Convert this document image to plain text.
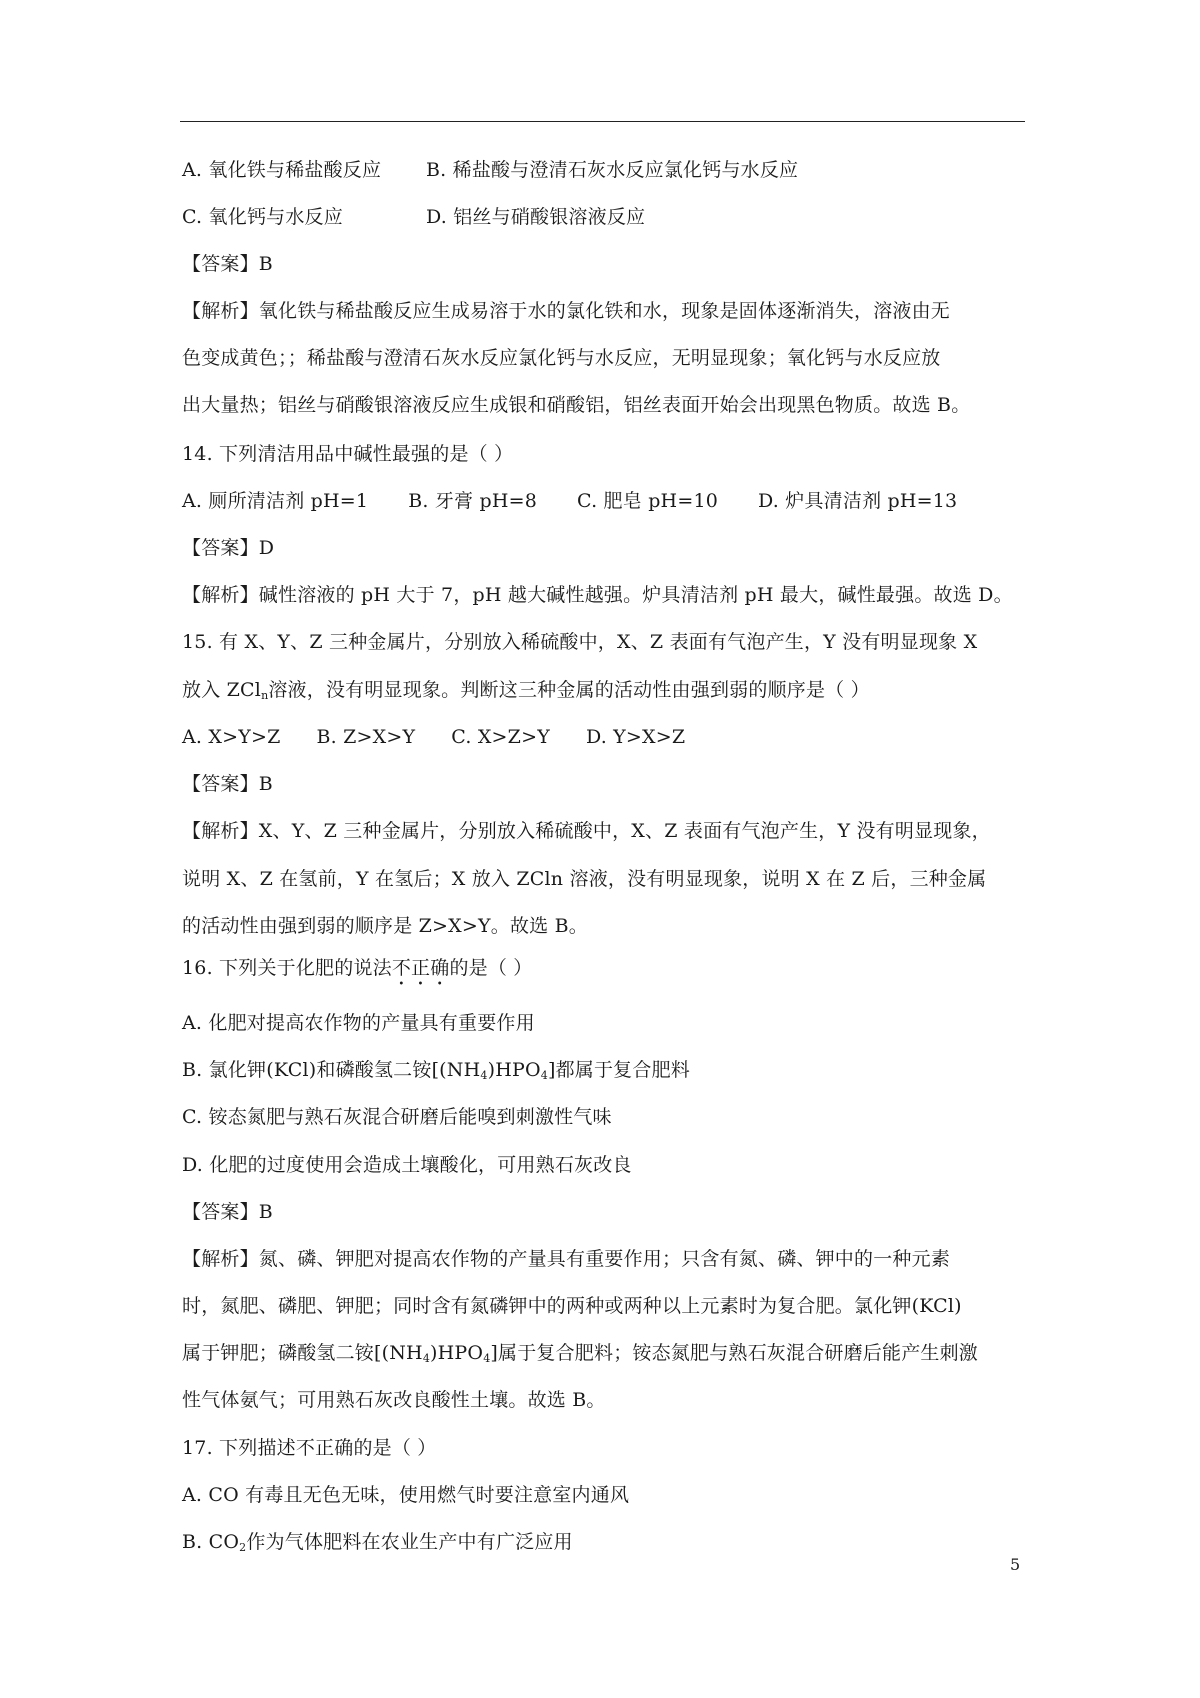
A. 氧化铁与稀盐酸反应 B. 稀盐酸与澄清石灰水反应氯化钙与水反应
C. 氧化钙与水反应	D. 铝丝与硝酸银溶液反应
【答案】B
【解析】氧化铁与稀盐酸反应生成易溶于水的氯化铁和水，现象是固体逐渐消失，溶液由无
色变成黄色；；稀盐酸与澄清石灰水反应氯化钙与水反应，无明显现象；氧化钙与水反应放
出大量热；铝丝与硝酸银溶液反应生成银和硝酸铝，铝丝表面开始会出现黑色物质。故选 B。
14. 下列清洁用品中碱性最强的是（ ）
A. 厕所清洁剂 pH=1 B. 牙膏 pH=8 C. 肥皂 pH=10 D. 炉具清洁剂 pH=13
【答案】D
【解析】碱性溶液的 pH 大于 7，pH 越大碱性越强。炉具清洁剂 pH 最大，碱性最强。故选 D。
15. 有 X、Y、Z 三种金属片，分别放入稀硫酸中，X、Z 表面有气泡产生，Y 没有明显现象 X
放入 ZCl$_n$溶液，没有明显现象。判断这三种金属的活动性由强到弱的顺序是（ ）
A. X>Y>Z B. Z>X>Y C. X>Z>Y D. Y>X>Z
【答案】B
【解析】X、Y、Z 三种金属片，分别放入稀硫酸中，X、Z 表面有气泡产生，Y 没有明显现象，
说明 X、Z 在氢前，Y 在氢后；X 放入 ZCln 溶液，没有明显现象，说明 X 在 Z 后，三种金属
的活动性由强到弱的顺序是 Z>X>Y。故选 B。
16. 下列关于化肥的说法不正确的是（ ）
A. 化肥对提高农作物的产量具有重要作用
B. 氯化钾(KCl)和磷酸氢二铵$[(NH_4)HPO_4]$都属于复合肥料
C. 铵态氮肥与熟石灰混合研磨后能嗅到刺激性气味
D. 化肥的过度使用会造成土壤酸化，可用熟石灰改良
【答案】B
【解析】氮、磷、钾肥对提高农作物的产量具有重要作用；只含有氮、磷、钾中的一种元素
时，氮肥、磷肥、钾肥；同时含有氮磷钾中的两种或两种以上元素时为复合肥。氯化钾(KCl)
属于钾肥；磷酸氢二铵$[(NH_4)HPO_4]$属于复合肥料；铵态氮肥与熟石灰混合研磨后能产生刺激
性气体氨气；可用熟石灰改良酸性土壤。故选 B。
17. 下列描述不正确的是（ ）
A. CO 有毒且无色无味，使用燃气时要注意室内通风
B. $CO_2$作为气体肥料在农业生产中有广泛应用
5
